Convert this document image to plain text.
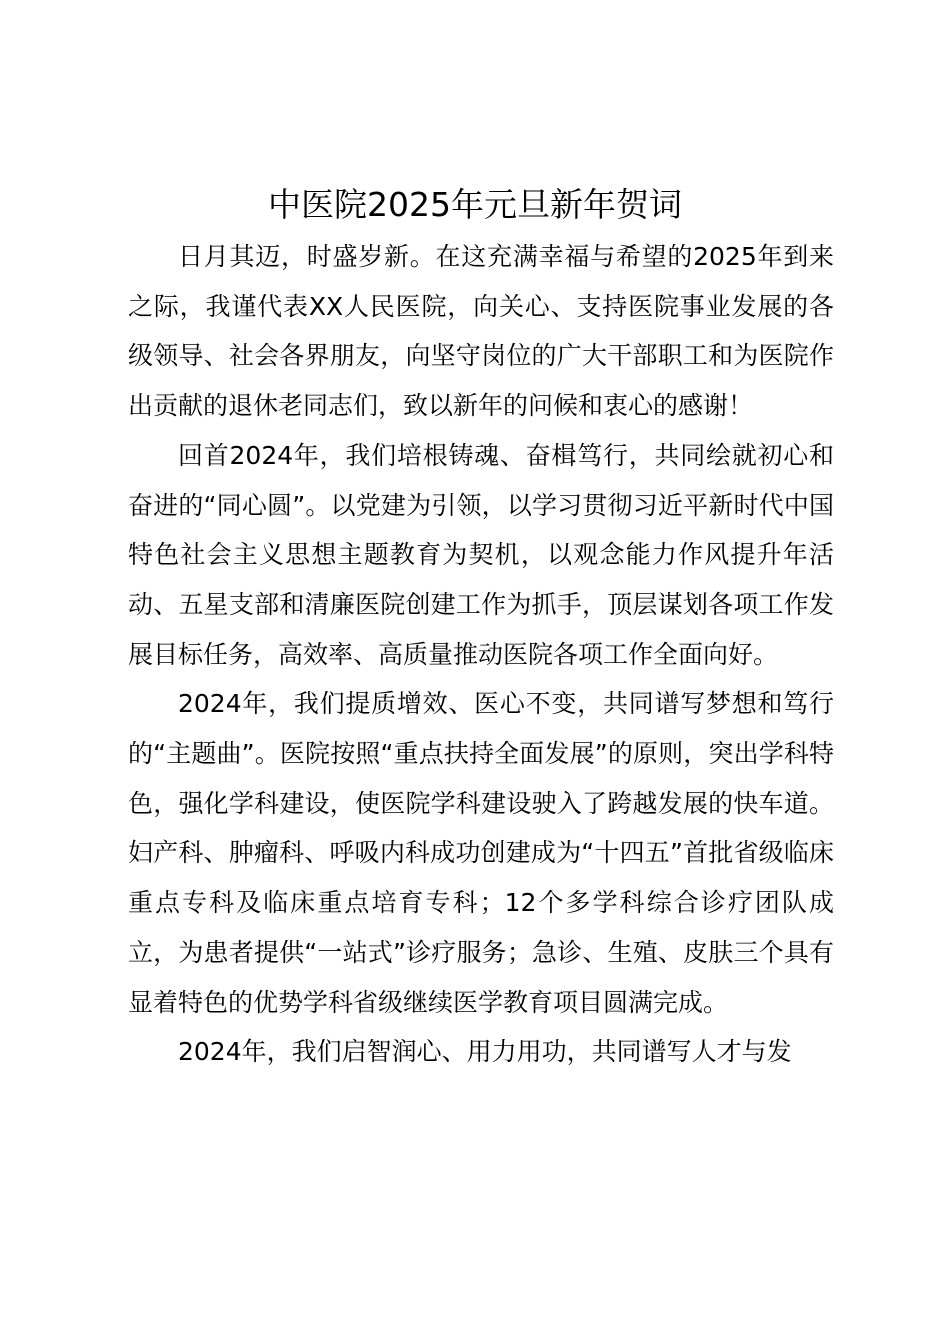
中医院2025年元旦新年贺词

日月其迈，时盛岁新。在这充满幸福与希望的2025年到来之际，我谨代表XX人民医院，向关心、支持医院事业发展的各级领导、社会各界朋友，向坚守岗位的广大干部职工和为医院作出贡献的退休老同志们，致以新年的问候和衷心的感谢！

回首2024年，我们培根铸魂、奋楫笃行，共同绘就初心和奋进的“同心圆”。以党建为引领，以学习贯彻习近平新时代中国特色社会主义思想主题教育为契机，以观念能力作风提升年活动、五星支部和清廉医院创建工作为抓手，顶层谋划各项工作发展目标任务，高效率、高质量推动医院各项工作全面向好。

2024年，我们提质增效、医心不变，共同谱写梦想和笃行的“主题曲”。医院按照“重点扶持全面发展”的原则，突出学科特色，强化学科建设，使医院学科建设驶入了跨越发展的快车道。妇产科、肿瘤科、呼吸内科成功创建成为“十四五”首批省级临床重点专科及临床重点培育专科；12个多学科综合诊疗团队成立，为患者提供“一站式”诊疗服务；急诊、生殖、皮肤三个具有显着特色的优势学科省级继续医学教育项目圆满完成。

2024年，我们启智润心、用力用功，共同谱写人才与发
